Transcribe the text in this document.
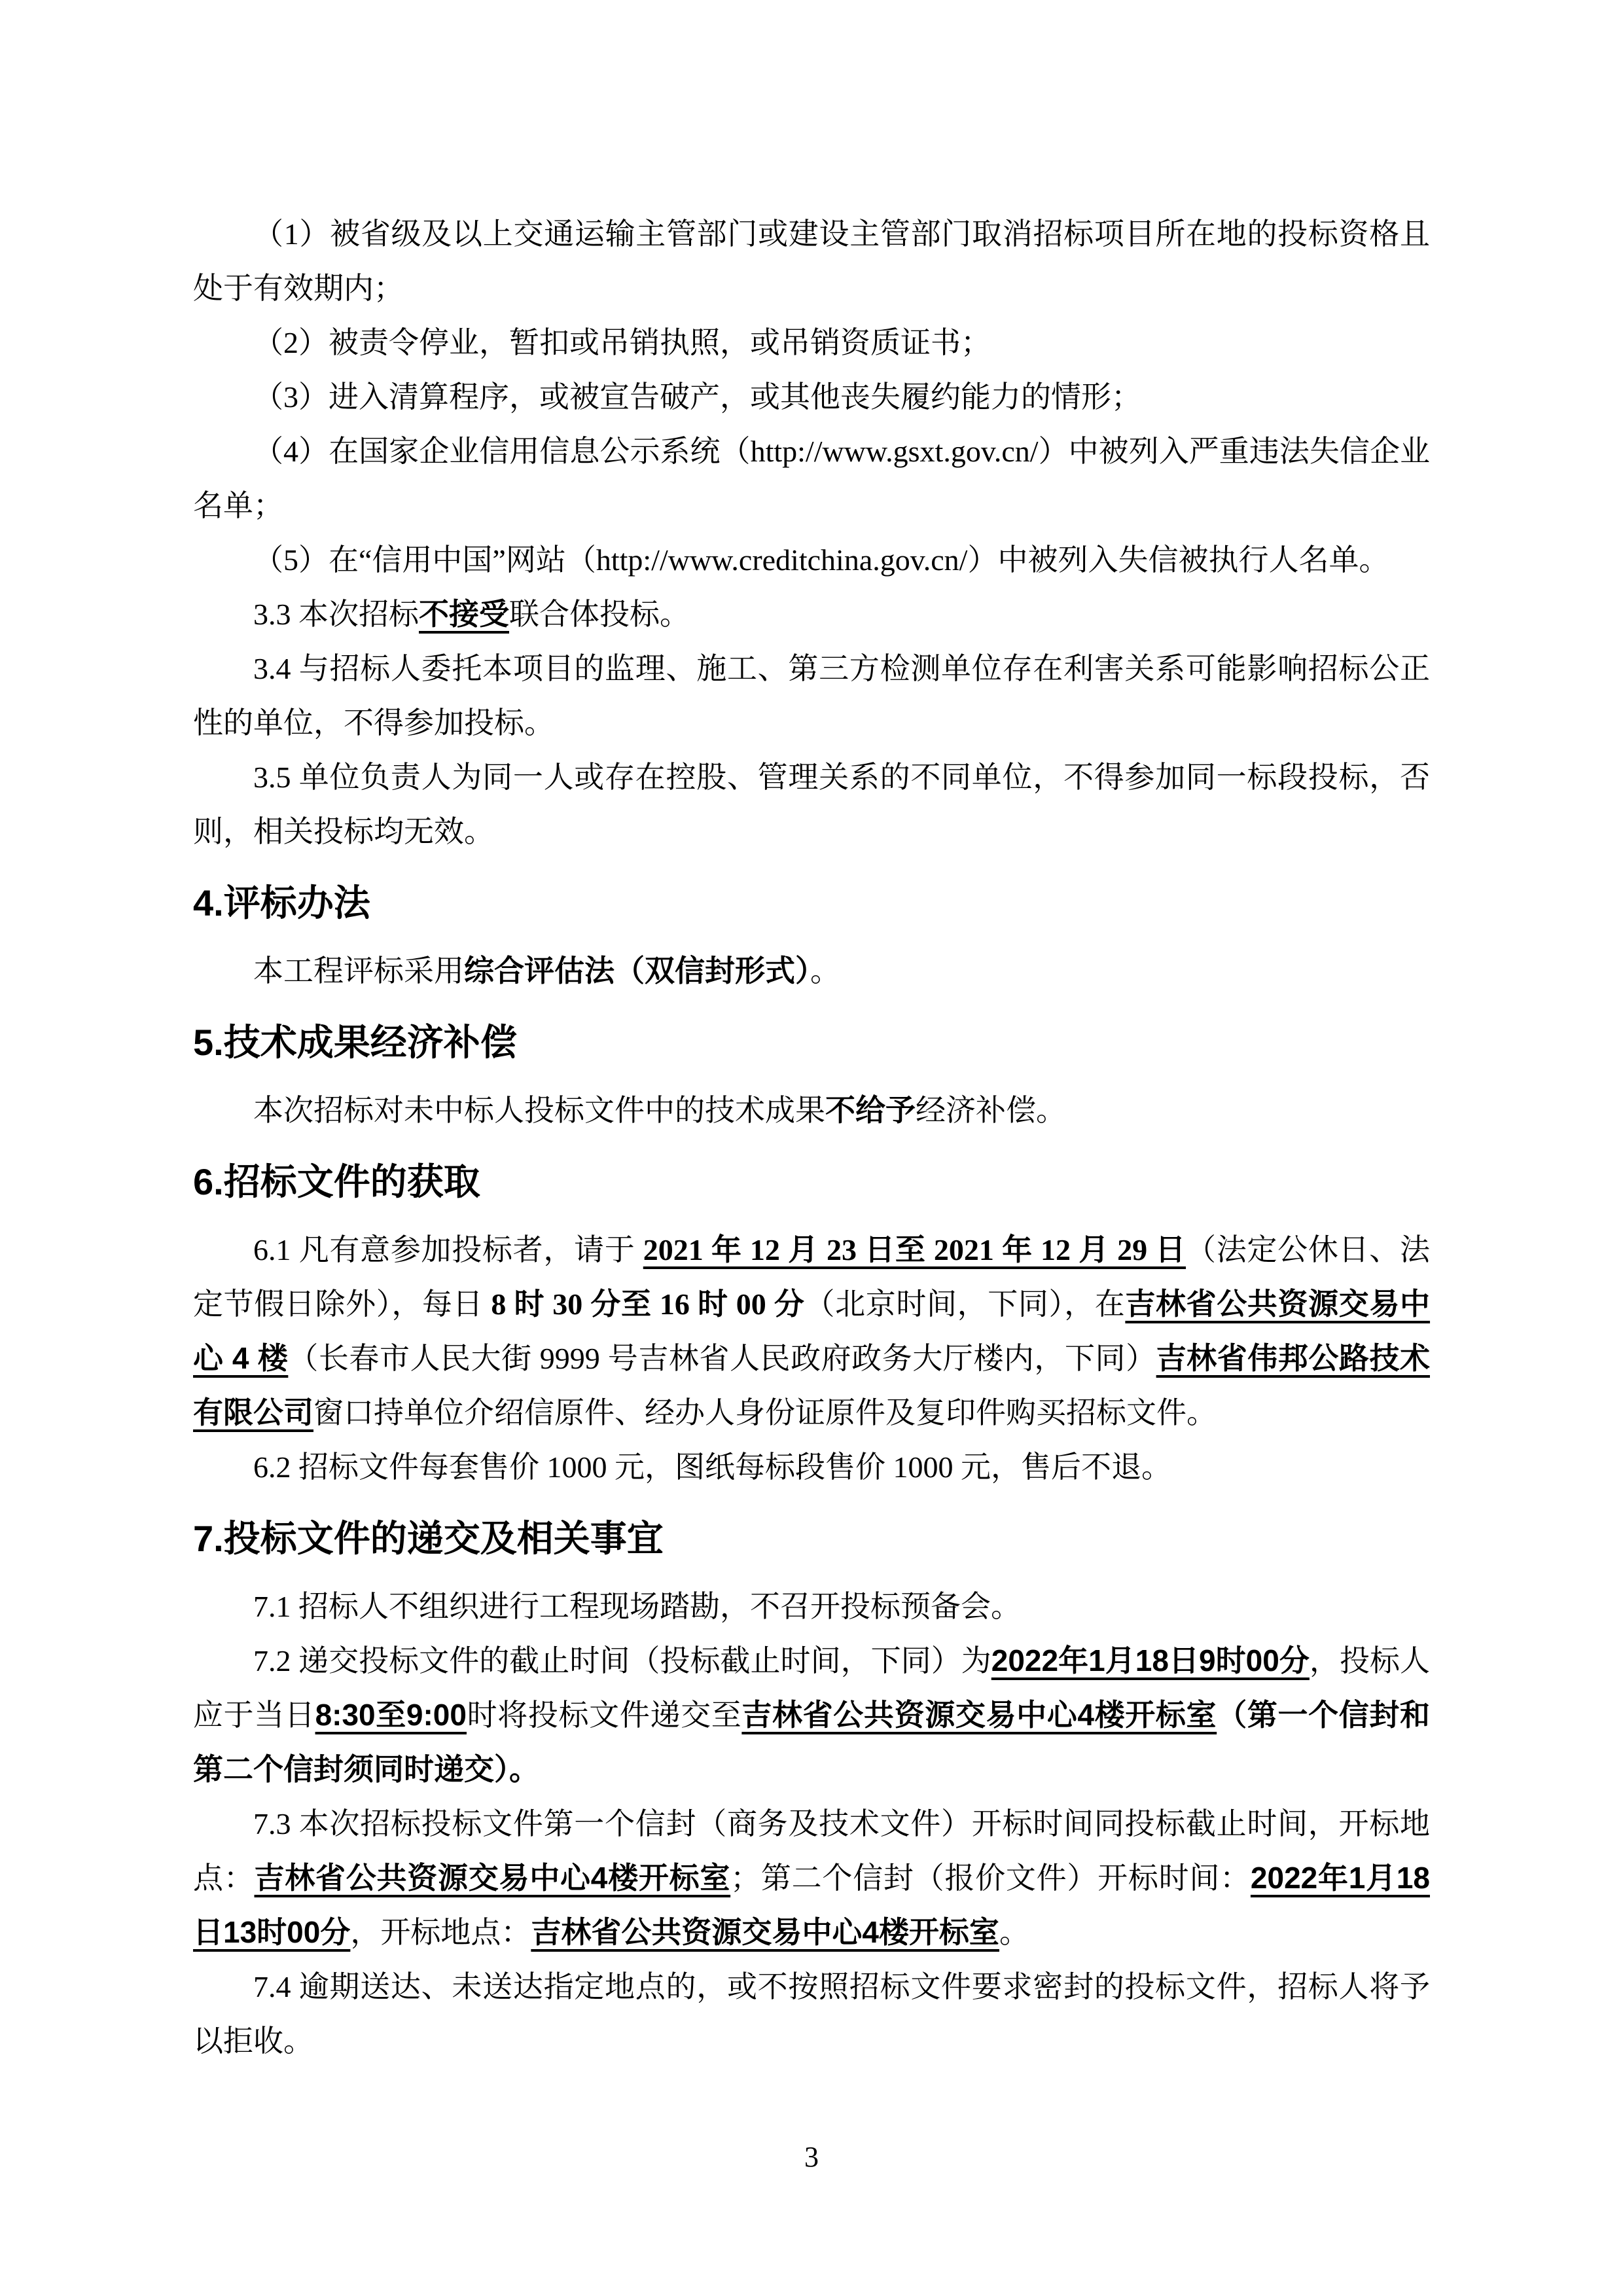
（1）被省级及以上交通运输主管部门或建设主管部门取消招标项目所在地的投标资格且处于有效期内；

（2）被责令停业，暂扣或吊销执照，或吊销资质证书；

（3）进入清算程序，或被宣告破产，或其他丧失履约能力的情形；

（4）在国家企业信用信息公示系统（http://www.gsxt.gov.cn/）中被列入严重违法失信企业名单；

（5）在“信用中国”网站（http://www.creditchina.gov.cn/）中被列入失信被执行人名单。

3.3 本次招标不接受联合体投标。

3.4 与招标人委托本项目的监理、施工、第三方检测单位存在利害关系可能影响招标公正性的单位，不得参加投标。

3.5 单位负责人为同一人或存在控股、管理关系的不同单位，不得参加同一标段投标，否则，相关投标均无效。

4.评标办法

本工程评标采用综合评估法（双信封形式）。

5.技术成果经济补偿

本次招标对未中标人投标文件中的技术成果不给予经济补偿。

6.招标文件的获取

6.1 凡有意参加投标者，请于 2021 年 12 月 23 日至 2021 年 12 月 29 日（法定公休日、法定节假日除外），每日 8 时 30 分至 16 时 00 分（北京时间，下同），在吉林省公共资源交易中心 4 楼（长春市人民大街 9999 号吉林省人民政府政务大厅楼内，下同）吉林省伟邦公路技术有限公司窗口持单位介绍信原件、经办人身份证原件及复印件购买招标文件。

6.2 招标文件每套售价 1000 元，图纸每标段售价 1000 元，售后不退。

7.投标文件的递交及相关事宜

7.1 招标人不组织进行工程现场踏勘，不召开投标预备会。

7.2 递交投标文件的截止时间（投标截止时间，下同）为2022年1月18日9时00分，投标人应于当日8:30至9:00时将投标文件递交至吉林省公共资源交易中心4楼开标室（第一个信封和第二个信封须同时递交）。

7.3 本次招标投标文件第一个信封（商务及技术文件）开标时间同投标截止时间，开标地点：吉林省公共资源交易中心4楼开标室；第二个信封（报价文件）开标时间：2022年1月18日13时00分，开标地点：吉林省公共资源交易中心4楼开标室。

7.4 逾期送达、未送达指定地点的，或不按照招标文件要求密封的投标文件，招标人将予以拒收。

3
